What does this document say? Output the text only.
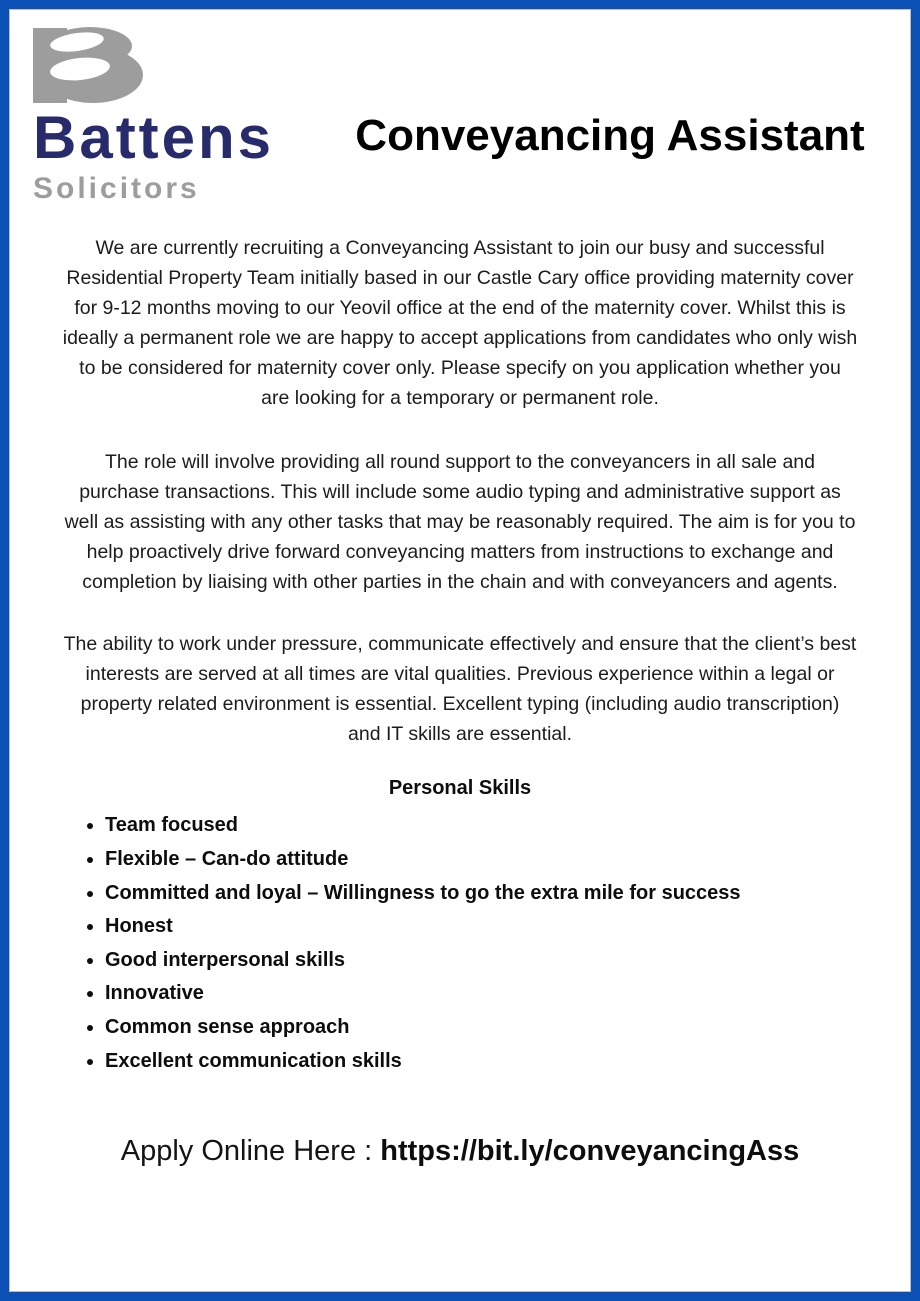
Battens
Solicitors
Conveyancing Assistant

We are currently recruiting a Conveyancing Assistant to join our busy and successful Residential Property Team initially based in our Castle Cary office providing maternity cover for 9-12 months moving to our Yeovil office at the end of the maternity cover. Whilst this is ideally a permanent role we are happy to accept applications from candidates who only wish to be considered for maternity cover only. Please specify on you application whether you are looking for a temporary or permanent role.

The role will involve providing all round support to the conveyancers in all sale and purchase transactions. This will include some audio typing and administrative support as well as assisting with any other tasks that may be reasonably required. The aim is for you to help proactively drive forward conveyancing matters from instructions to exchange and completion by liaising with other parties in the chain and with conveyancers and agents.

The ability to work under pressure, communicate effectively and ensure that the client’s best interests are served at all times are vital qualities. Previous experience within a legal or property related environment is essential. Excellent typing (including audio transcription) and IT skills are essential.

Personal Skills
• Team focused
• Flexible – Can-do attitude
• Committed and loyal – Willingness to go the extra mile for success
• Honest
• Good interpersonal skills
• Innovative
• Common sense approach
• Excellent communication skills
Apply Online Here : https://bit.ly/conveyancingAss
